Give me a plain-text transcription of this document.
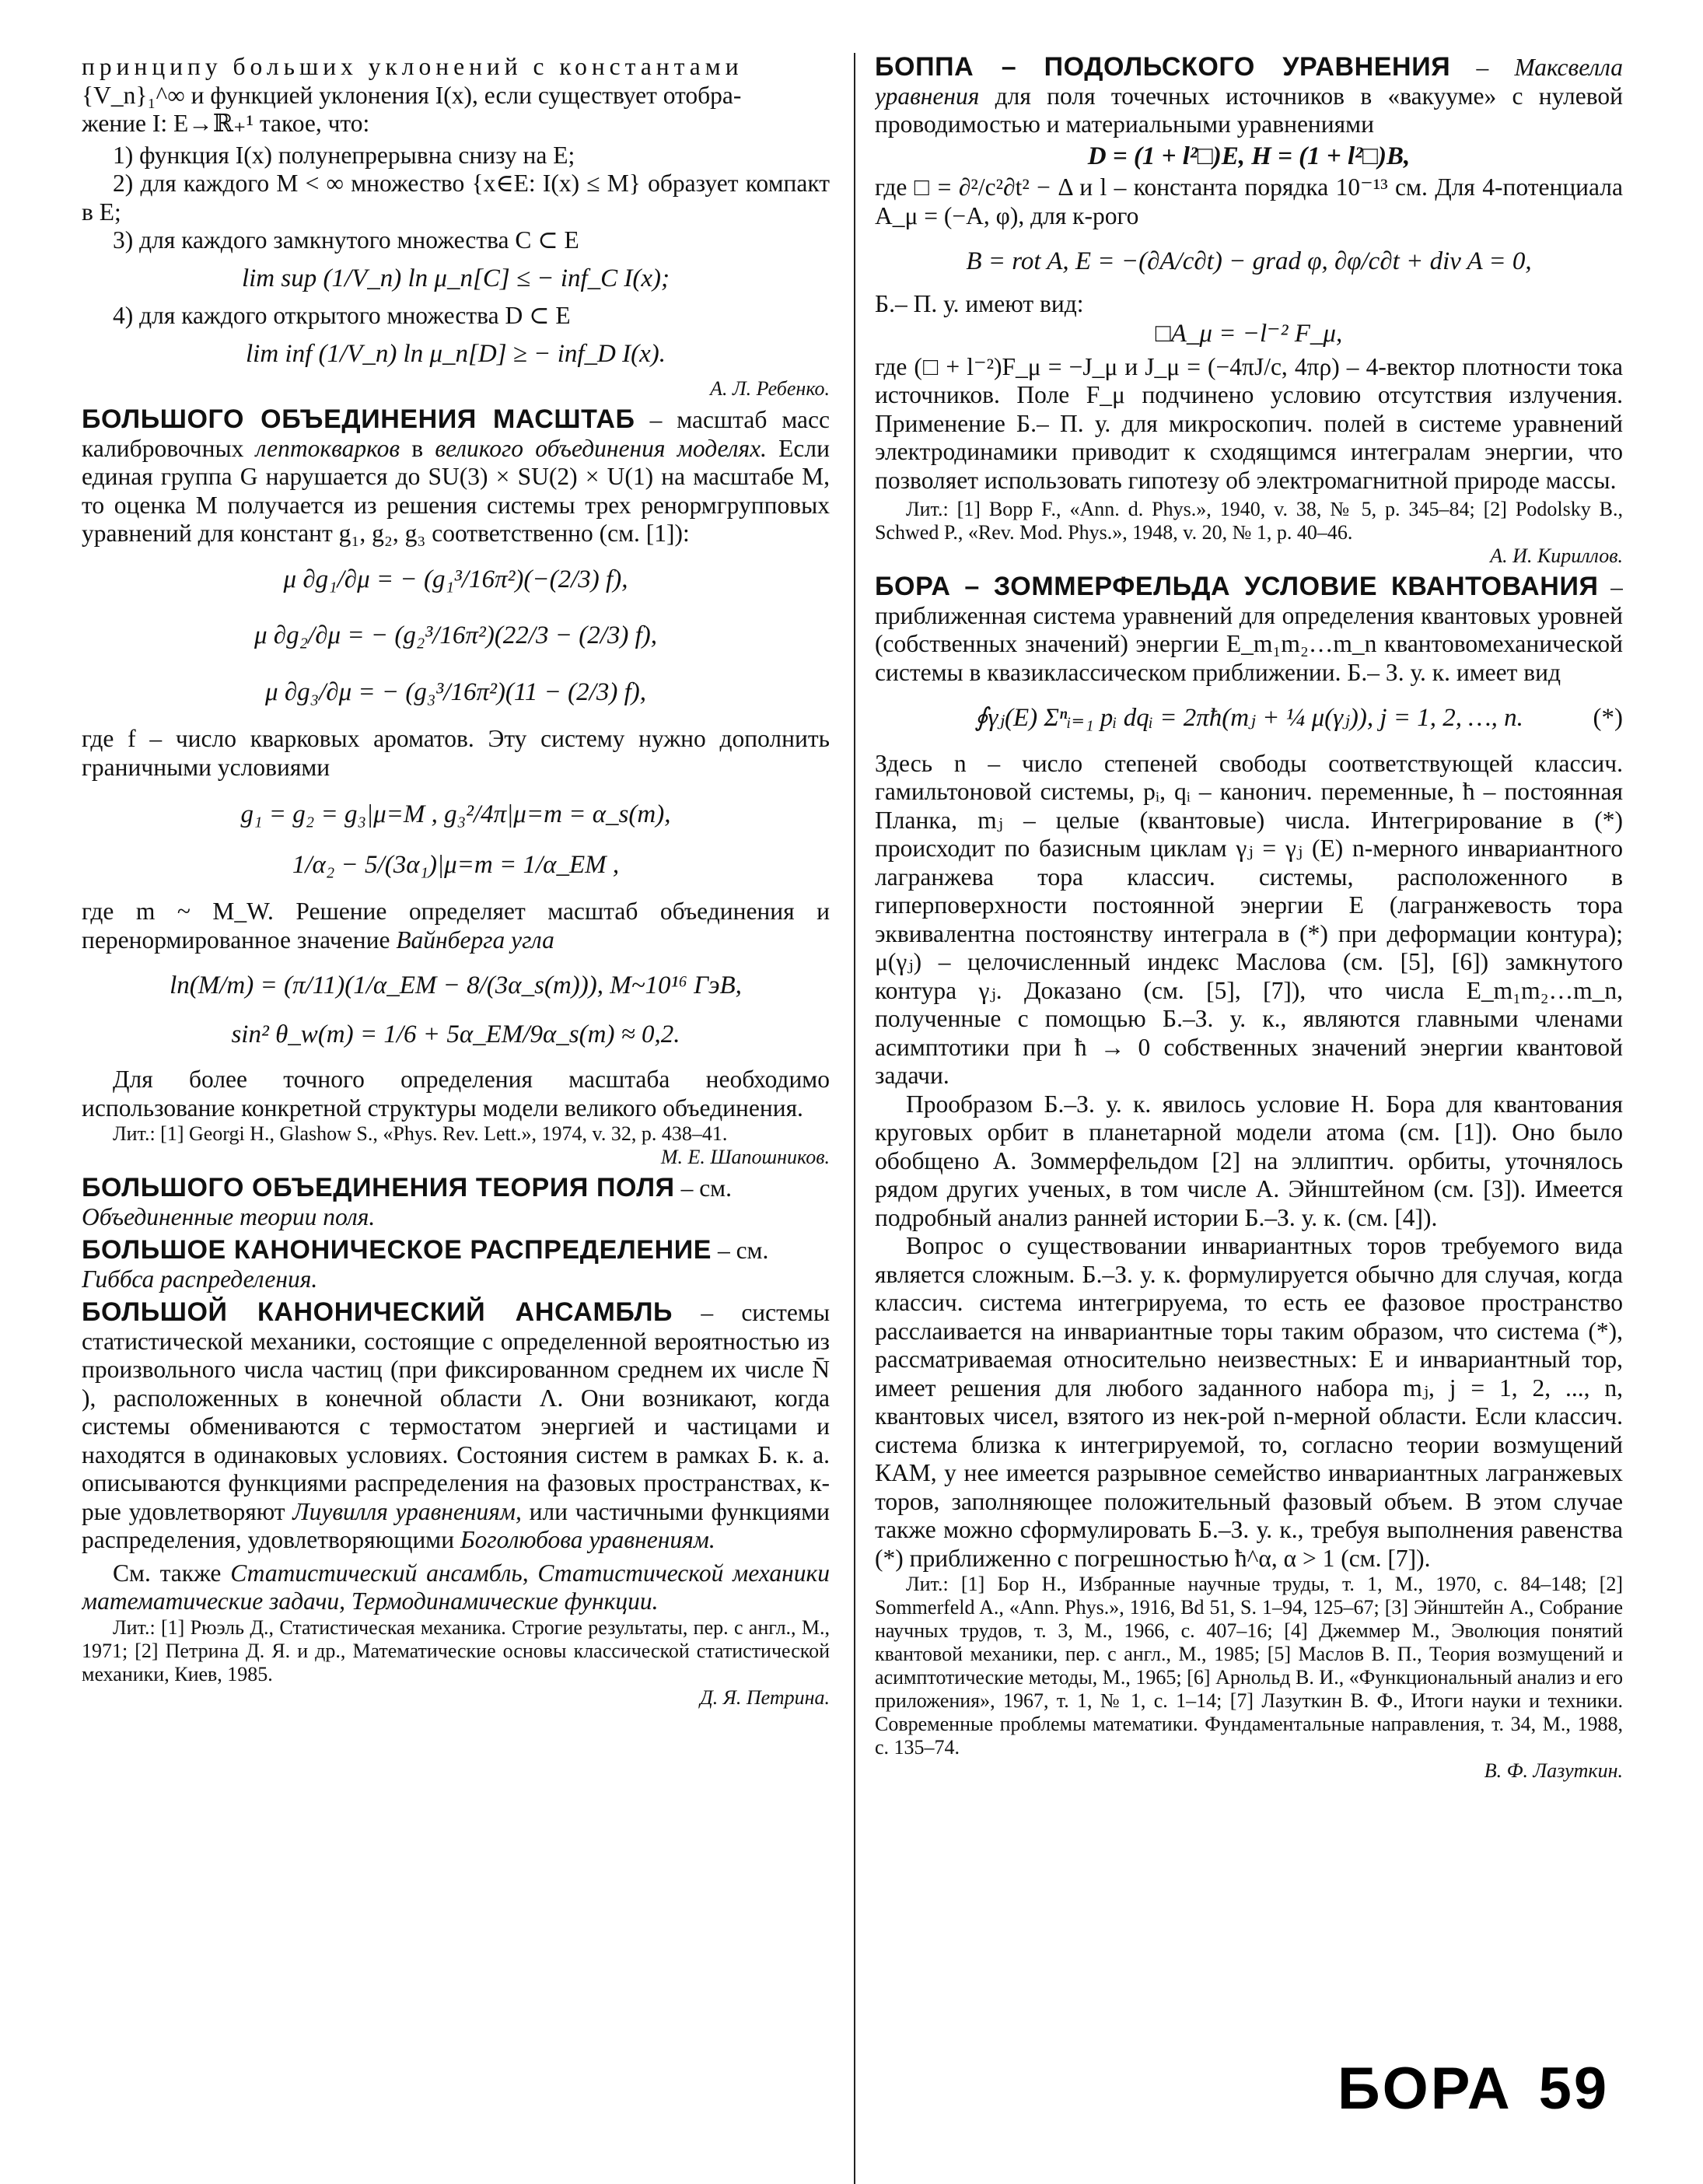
принципу больших уклонений с константами

{V_n}₁^∞ и функцией уклонения I(x), если существует отобра-

жение I: E→ℝ₊¹ такое, что:

1) функция I(x) полунепрерывна снизу на E;

2) для каждого M < ∞ множество {x∈E: I(x) ≤ M} образует компакт в E;

3) для каждого замкнутого множества C ⊂ E

lim sup (1/V_n) ln μ_n[C] ≤ − inf_C I(x);

4) для каждого открытого множества D ⊂ E

lim inf (1/V_n) ln μ_n[D] ≥ − inf_D I(x).

А. Л. Ребенко.

БОЛЬШОГО ОБЪЕДИНЕНИЯ МАСШТАБ – масштаб масс калибровочных лептокварков в великого объединения моделях. Если единая группа G нарушается до SU(3) × SU(2) × U(1) на масштабе M, то оценка M получается из решения системы трех ренормгрупповых уравнений для констант g₁, g₂, g₃ соответственно (см. [1]):

μ ∂g₁/∂μ = − (g₁³/16π²)(−(2/3) f),
μ ∂g₂/∂μ = − (g₂³/16π²)(22/3 − (2/3) f),
μ ∂g₃/∂μ = − (g₃³/16π²)(11 − (2/3) f),

где f – число кварковых ароматов. Эту систему нужно дополнить граничными условиями

g₁ = g₂ = g₃|μ=M , g₃²/4π|μ=m = α_s(m),
1/α₂ − 5/(3α₁)|μ=m = 1/α_EM ,

где m ~ M_W. Решение определяет масштаб объединения и перенормированное значение Вайнберга угла

ln(M/m) = (π/11)(1/α_EM − 8/(3α_s(m))), M~10¹⁶ ГэВ,
sin² θ_w(m) = 1/6 + 5α_EM/9α_s(m) ≈ 0,2.

Для более точного определения масштаба необходимо использование конкретной структуры модели великого объединения.

Лит.: [1] Georgi H., Glashow S., «Phys. Rev. Lett.», 1974, v. 32, p. 438–41.

М. Е. Шапошников.

БОЛЬШОГО ОБЪЕДИНЕНИЯ ТЕОРИЯ ПОЛЯ – см.
Объединенные теории поля.

БОЛЬШОЕ КАНОНИЧЕСКОЕ РАСПРЕДЕЛЕНИЕ – см.
Гиббса распределения.

БОЛЬШОЙ КАНОНИЧЕСКИЙ АНСАМБЛЬ – системы статистической механики, состоящие с определенной вероятностью из произвольного числа частиц (при фиксированном среднем их числе N̄ ), расположенных в конечной области Λ. Они возникают, когда системы обмениваются с термостатом энергией и частицами и находятся в одинаковых условиях. Состояния систем в рамках Б. к. а. описываются функциями распределения на фазовых пространствах, к-рые удовлетворяют Лиувилля уравнениям, или частичными функциями распределения, удовлетворяющими Боголюбова уравнениям.

См. также Статистический ансамбль, Статистической механики математические задачи, Термодинамические функции.

Лит.: [1] Рюэль Д., Статистическая механика. Строгие результаты, пер. с англ., М., 1971; [2] Петрина Д. Я. и др., Математические основы классической статистической механики, Киев, 1985.

Д. Я. Петрина.

БОППА – ПОДОЛЬСКОГО УРАВНЕНИЯ – Максвелла уравнения для поля точечных источников в «вакууме» с нулевой проводимостью и материальными уравнениями

D = (1 + l²□)E, H = (1 + l²□)B,

где □ = ∂²/c²∂t² − Δ и l – константа порядка 10⁻¹³ см. Для 4-потенциала A_μ = (−A, φ), для к-рого

B = rot A, E = −(∂A/c∂t) − grad φ, ∂φ/c∂t + div A = 0,

Б.– П. у. имеют вид:

□A_μ = −l⁻² F_μ,

где (□ + l⁻²)F_μ = −J_μ и J_μ = (−4πJ/c, 4πρ) – 4-вектор плотности тока источников. Поле F_μ подчинено условию отсутствия излучения. Применение Б.– П. у. для микроскопич. полей в системе уравнений электродинамики приводит к сходящимся интегралам энергии, что позволяет использовать гипотезу об электромагнитной природе массы.

Лит.: [1] Bopp F., «Ann. d. Phys.», 1940, v. 38, № 5, p. 345–84; [2] Podolsky B., Schwed P., «Rev. Mod. Phys.», 1948, v. 20, № 1, p. 40–46.

А. И. Кириллов.

БОРА – ЗОММЕРФЕЛЬДА УСЛОВИЕ КВАНТОВАНИЯ – приближенная система уравнений для определения квантовых уровней (собственных значений) энергии E_m₁m₂…m_n квантовомеханической системы в квазиклассическом приближении. Б.– З. у. к. имеет вид

∮γⱼ(E) Σⁿᵢ₌₁ pᵢ dqᵢ = 2πħ(mⱼ + ¼ μ(γⱼ)), j = 1, 2, …, n.	(*)

Здесь n – число степеней свободы соответствующей классич. гамильтоновой системы, pᵢ, qᵢ – канонич. переменные, ħ – постоянная Планка, mⱼ – целые (квантовые) числа. Интегрирование в (*) происходит по базисным циклам γⱼ = γⱼ (E) n-мерного инвариантного лагранжева тора классич. системы, расположенного в гиперповерхности постоянной энергии E (лагранжевость тора эквивалентна постоянству интеграла в (*) при деформации контура); μ(γⱼ) – целочисленный индекс Маслова (см. [5], [6]) замкнутого контура γⱼ. Доказано (см. [5], [7]), что числа E_m₁m₂…m_n, полученные с помощью Б.–З. у. к., являются главными членами асимптотики при ħ → 0 собственных значений энергии квантовой задачи.

Прообразом Б.–З. у. к. явилось условие Н. Бора для квантования круговых орбит в планетарной модели атома (см. [1]). Оно было обобщено А. Зоммерфельдом [2] на эллиптич. орбиты, уточнялось рядом других ученых, в том числе А. Эйнштейном (см. [3]). Имеется подробный анализ ранней истории Б.–З. у. к. (см. [4]).

Вопрос о существовании инвариантных торов требуемого вида является сложным. Б.–З. у. к. формулируется обычно для случая, когда классич. система интегрируема, то есть ее фазовое пространство расслаивается на инвариантные торы таким образом, что система (*), рассматриваемая относительно неизвестных: E и инвариантный тор, имеет решения для любого заданного набора mⱼ, j = 1, 2, ..., n, квантовых чисел, взятого из нек-рой n-мерной области. Если классич. система близка к интегрируемой, то, согласно теории возмущений КАМ, у нее имеется разрывное семейство инвариантных лагранжевых торов, заполняющее положительный фазовый объем. В этом случае также можно сформулировать Б.–З. у. к., требуя выполнения равенства (*) приближенно с погрешностью ħ^α, α > 1 (см. [7]).

Лит.: [1] Бор Н., Избранные научные труды, т. 1, М., 1970, с. 84–148; [2] Sommerfeld A., «Ann. Phys.», 1916, Bd 51, S. 1–94, 125–67; [3] Эйнштейн А., Собрание научных трудов, т. 3, М., 1966, с. 407–16; [4] Джеммер М., Эволюция понятий квантовой механики, пер. с англ., М., 1985; [5] Маслов В. П., Теория возмущений и асимптотические методы, М., 1965; [6] Арнольд В. И., «Функциональный анализ и его приложения», 1967, т. 1, № 1, с. 1–14; [7] Лазуткин В. Ф., Итоги науки и техники. Современные проблемы математики. Фундаментальные направления, т. 34, М., 1988, с. 135–74.

В. Ф. Лазуткин.

БОРА 59
